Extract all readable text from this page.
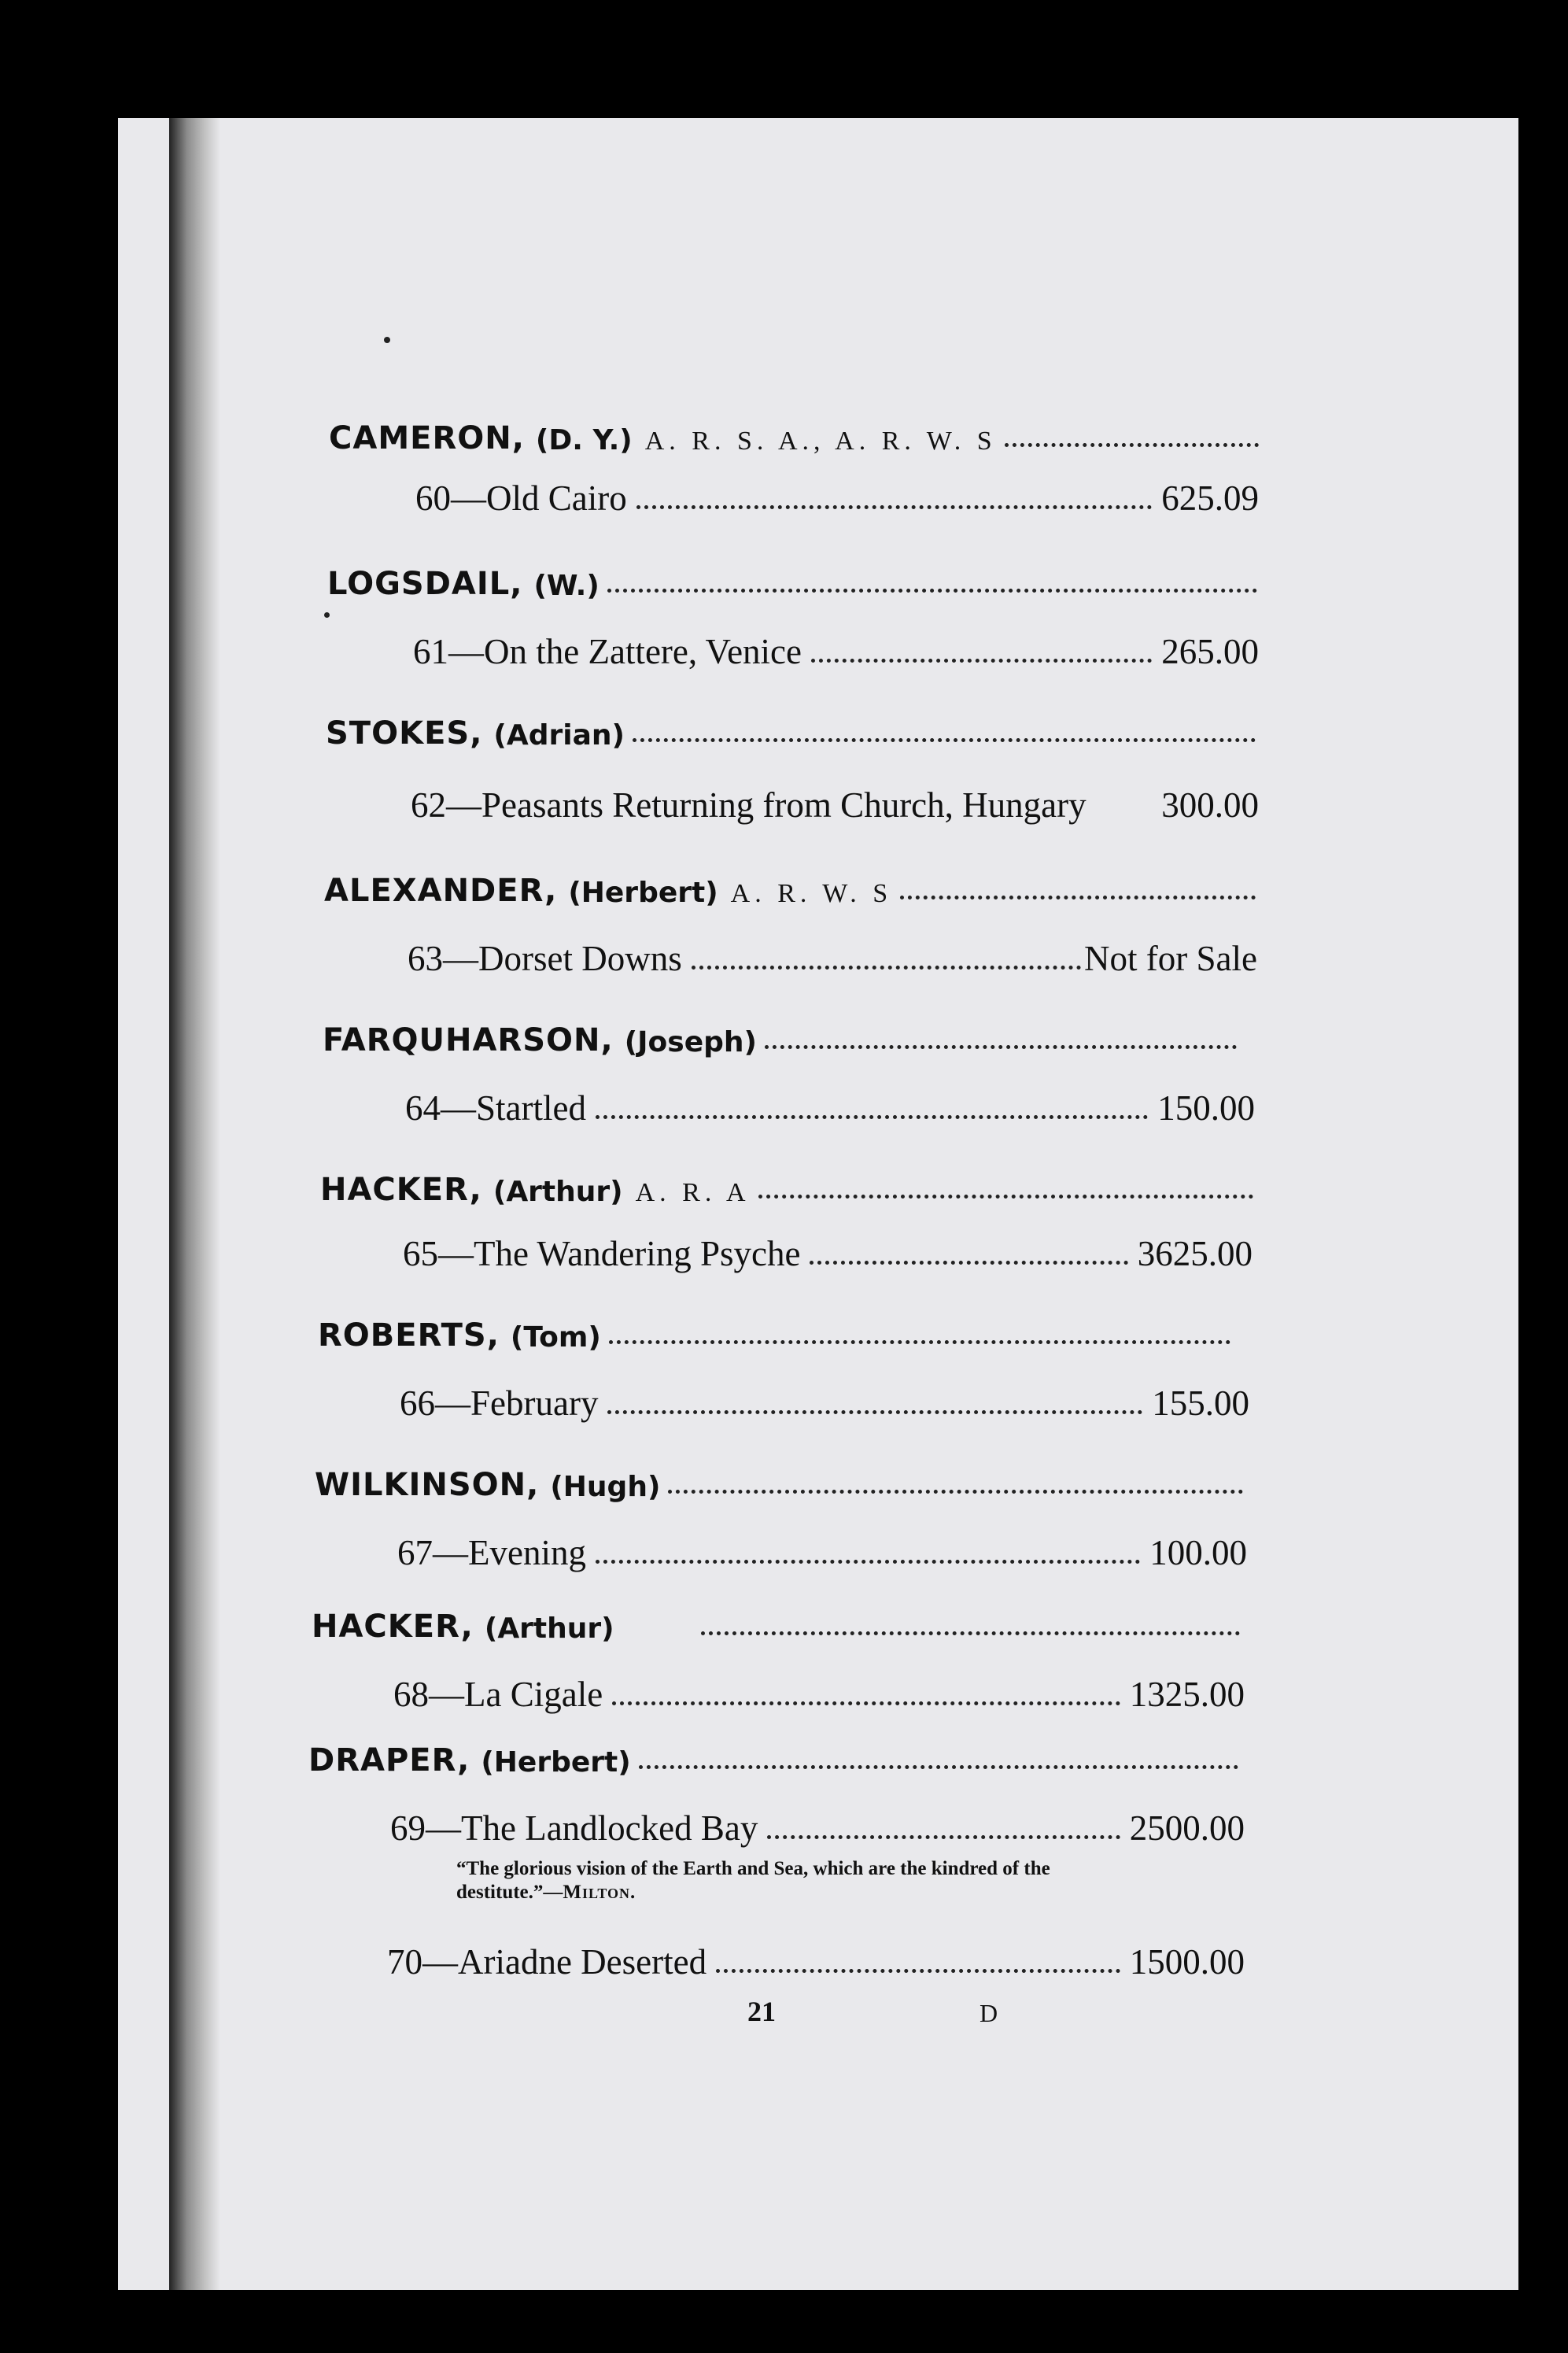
CAMERON, (D. Y.) A. R. S. A., A. R. W. S
60—Old Cairo	625.09
LOGSDAIL, (W.)
61—On the Zattere, Venice	265.00
STOKES, (Adrian)
62—Peasants Returning from Church, Hungary 300.00
ALEXANDER, (Herbert) A. R. W. S
63—Dorset Downs	Not for Sale
FARQUHARSON, (Joseph)
64—Startled	150.00
HACKER, (Arthur) A. R. A
65—The Wandering Psyche	3625.00
ROBERTS, (Tom)
66—February	155.00
WILKINSON, (Hugh)
67—Evening	100.00
HACKER, (Arthur)
68—La Cigale	1325.00
DRAPER, (Herbert)
69—The Landlocked Bay	2500.00
“The glorious vision of the Earth and Sea, which are the kindred of the destitute.”—Milton.
70—Ariadne Deserted	1500.00
21	D
